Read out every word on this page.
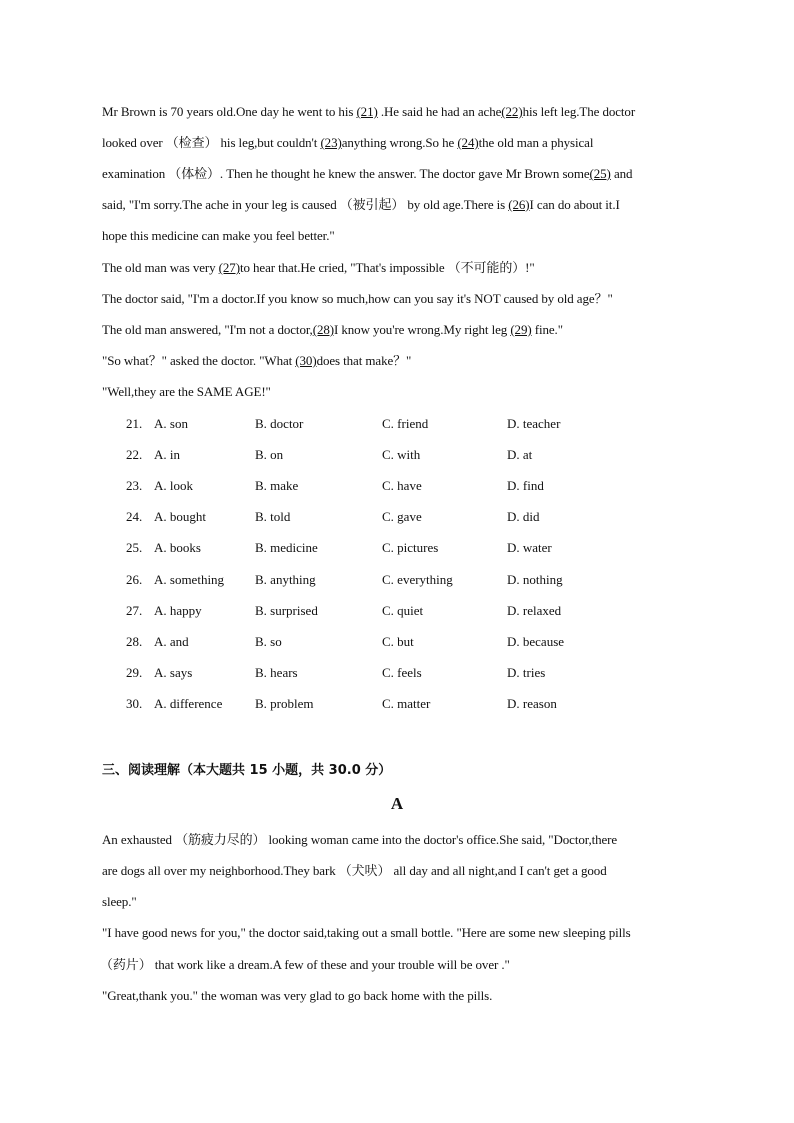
Mr Brown is 70 years old.One day he went to his (21) .He said he had an ache(22)his left leg.The doctor
looked over （检查） his leg,but couldn't (23)anything wrong.So he (24)the old man a physical
examination （体检）. Then he thought he knew the answer. The doctor gave Mr Brown some(25) and
said, "I'm sorry.The ache in your leg is caused （被引起） by old age.There is (26)I can do about it.I
hope this medicine can make you feel better."
The old man was very (27)to hear that.He cried, "That's impossible （不可能的）!"
The doctor said, "I'm a doctor.If you know so much,how can you say it's NOT caused by old age？"
The old man answered, "I'm not a doctor,(28)I know you're wrong.My right leg (29) fine."
"So what？" asked the doctor. "What (30)does that make？"
"Well,they are the SAME AGE!"
21. A. son	B. doctor	C. friend	D. teacher
22. A. in	B. on	C. with	D. at
23. A. look	B. make	C. have	D. find
24. A. bought	B. told	C. gave	D. did
25. A. books	B. medicine	C. pictures	D. water
26. A. something B. anything	C. everything	D. nothing
27. A. happy	B. surprised	C. quiet	D. relaxed
28. A. and	B. so	C. but	D. because
29. A. says	B. hears	C. feels	D. tries
30. A. difference	B. problem	C. matter	D. reason
三、阅读理解（本大题共 15 小题，共 30.0 分）
A
An exhausted （筋疲力尽的） looking woman came into the doctor's office.She said, "Doctor,there
are dogs all over my neighborhood.They bark （犬吠） all day and all night,and I can't get a good
sleep."
"I have good news for you," the doctor said,taking out a small bottle. "Here are some new sleeping pills
（药片） that work like a dream.A few of these and your trouble will be over ."
"Great,thank you." the woman was very glad to go back home with the pills.
